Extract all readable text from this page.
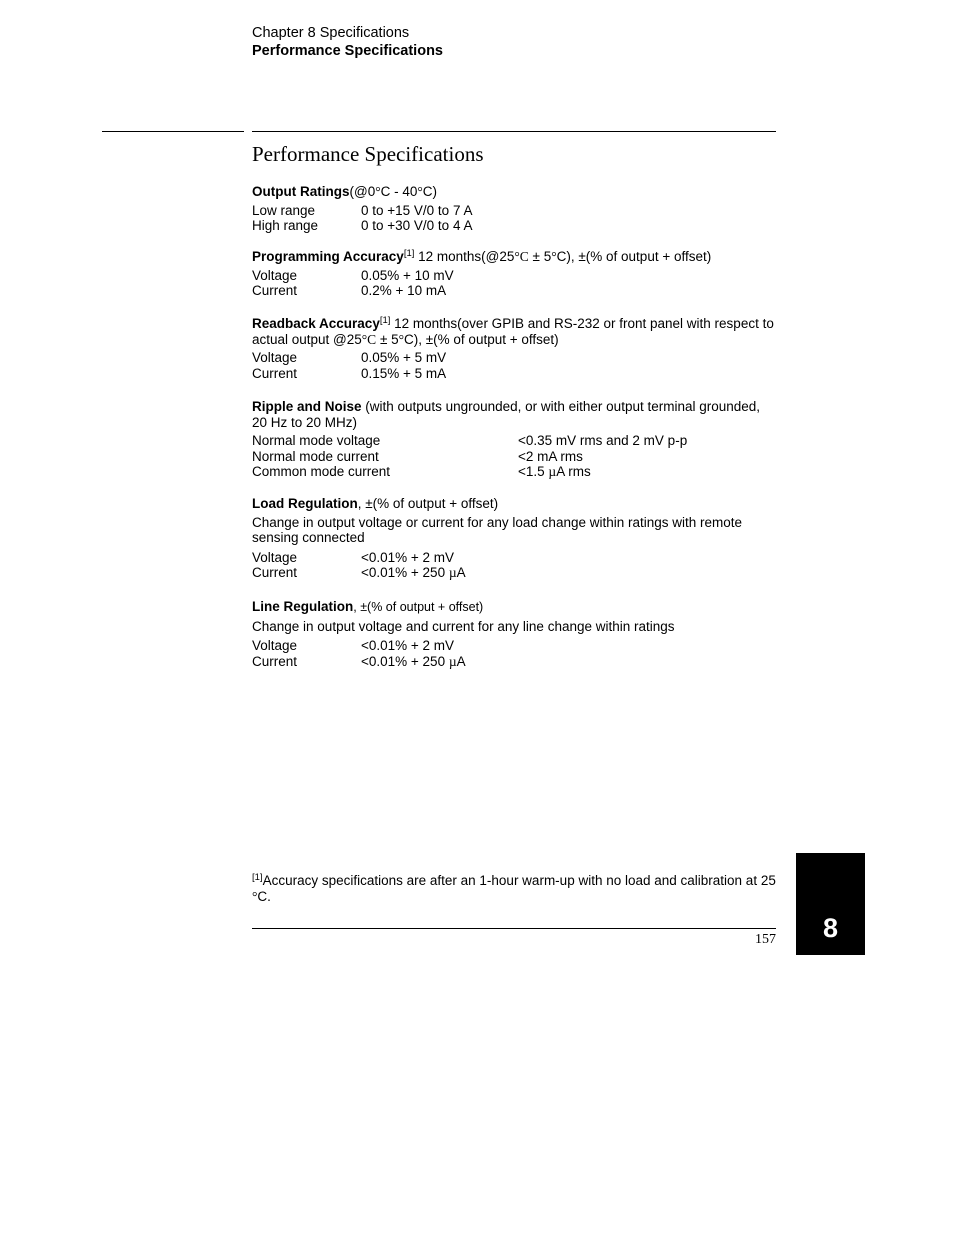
Chapter 8 Specifications
Performance Specifications
Performance Specifications
Output Ratings(@0°C - 40°C)
Low range	0 to +15 V/0 to 7 A
High range	0 to +30 V/0 to 4 A
Programming Accuracy[1] 12 months(@25°C ± 5°C), ±(% of output + offset)
Voltage	0.05% + 10 mV
Current	0.2% + 10 mA
Readback Accuracy[1] 12 months(over GPIB and RS-232 or front panel with respect to actual output @25°C ± 5°C), ±(% of output + offset)
Voltage	0.05% + 5 mV
Current	0.15% + 5 mA
Ripple and Noise (with outputs ungrounded, or with either output terminal grounded, 20 Hz to 20 MHz)
Normal mode voltage	<0.35 mV rms and 2 mV p-p
Normal mode current	<2 mA rms
Common mode current	<1.5 µA rms
Load Regulation, ±(% of output + offset)
Change in output voltage or current for any load change within ratings with remote sensing connected
Voltage	<0.01% + 2 mV
Current	<0.01% + 250 µA
Line Regulation, ±(% of output + offset)
Change in output voltage and current for any line change within ratings
Voltage	<0.01% + 2 mV
Current	<0.01% + 250 µA
[1]Accuracy specifications are after an 1-hour warm-up with no load and calibration at 25 °C.
157	8
